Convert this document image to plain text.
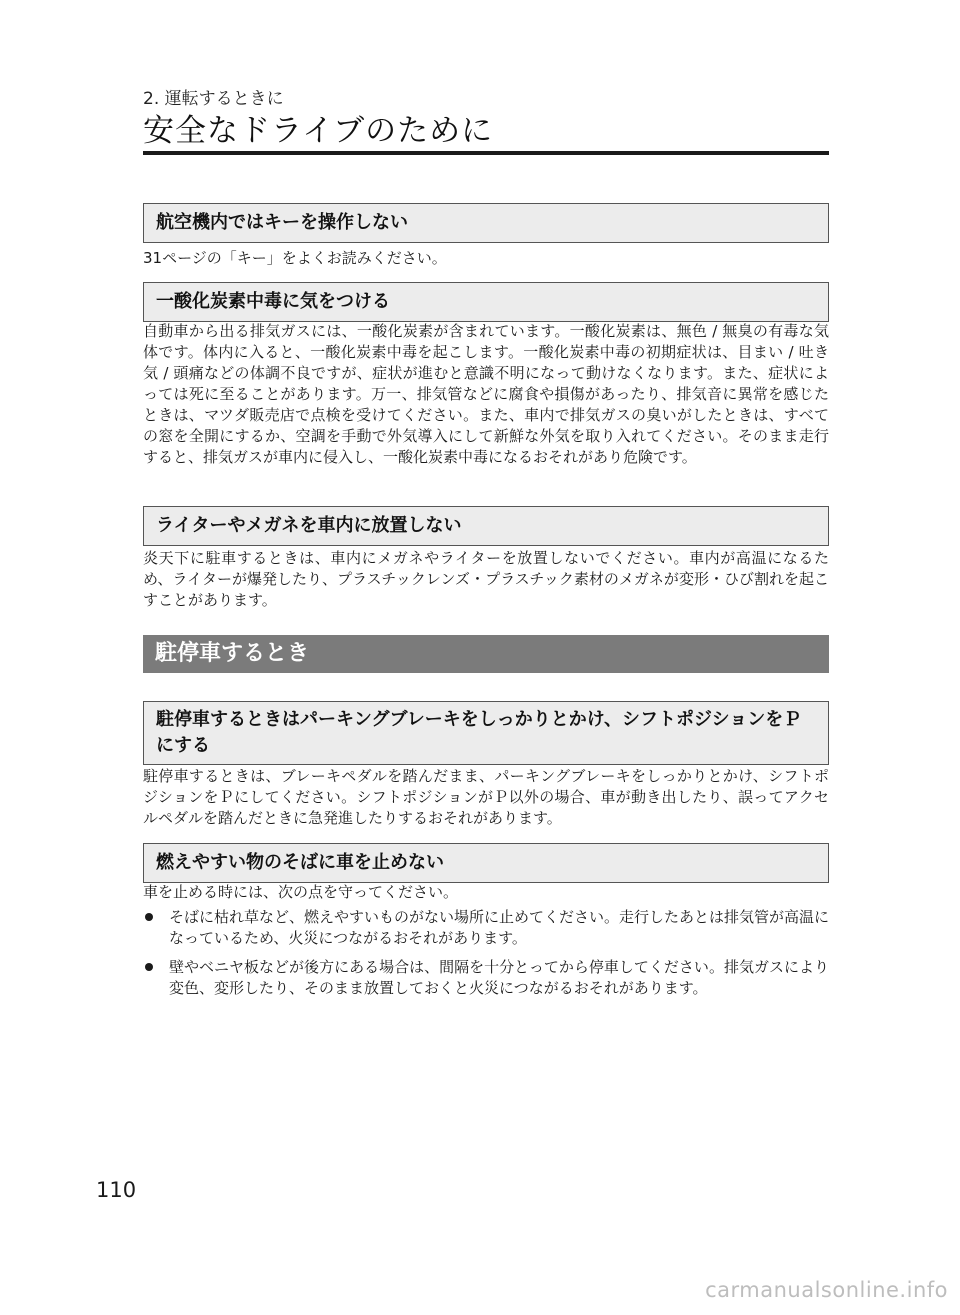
2. 運転するときに
安全なドライブのために
航空機内ではキーを操作しない

31ページの「キー」をよくお読みください。

一酸化炭素中毒に気をつける

自動車から出る排気ガスには、一酸化炭素が含まれています。一酸化炭素は、無色 / 無臭の有毒な気体です。体内に入ると、一酸化炭素中毒を起こします。一酸化炭素中毒の初期症状は、目まい / 吐き気 / 頭痛などの体調不良ですが、症状が進むと意識不明になって動けなくなります。また、症状によっては死に至ることがあります。万一、排気管などに腐食や損傷があったり、排気音に異常を感じたときは、マツダ販売店で点検を受けてください。また、車内で排気ガスの臭いがしたときは、すべての窓を全開にするか、空調を手動で外気導入にして新鮮な外気を取り入れてください。そのまま走行すると、排気ガスが車内に侵入し、一酸化炭素中毒になるおそれがあり危険です。

ライターやメガネを車内に放置しない

炎天下に駐車するときは、車内にメガネやライターを放置しないでください。車内が高温になるため、ライターが爆発したり、プラスチックレンズ・プラスチック素材のメガネが変形・ひび割れを起こすことがあります。

駐停車するとき
駐停車するときはパーキングブレーキをしっかりとかけ、シフトポジションをＰにする

駐停車するときは、ブレーキペダルを踏んだまま、パーキングブレーキをしっかりとかけ、シフトポジションをＰにしてください。シフトポジションがＰ以外の場合、車が動き出したり、誤ってアクセルペダルを踏んだときに急発進したりするおそれがあります。

燃えやすい物のそばに車を止めない

車を止める時には、次の点を守ってください。

そばに枯れ草など、燃えやすいものがない場所に止めてください。走行したあとは排気管が高温になっているため、火災につながるおそれがあります。
壁やベニヤ板などが後方にある場合は、間隔を十分とってから停車してください。排気ガスにより変色、変形したり、そのまま放置しておくと火災につながるおそれがあります。
110
carmanualsonline.info
